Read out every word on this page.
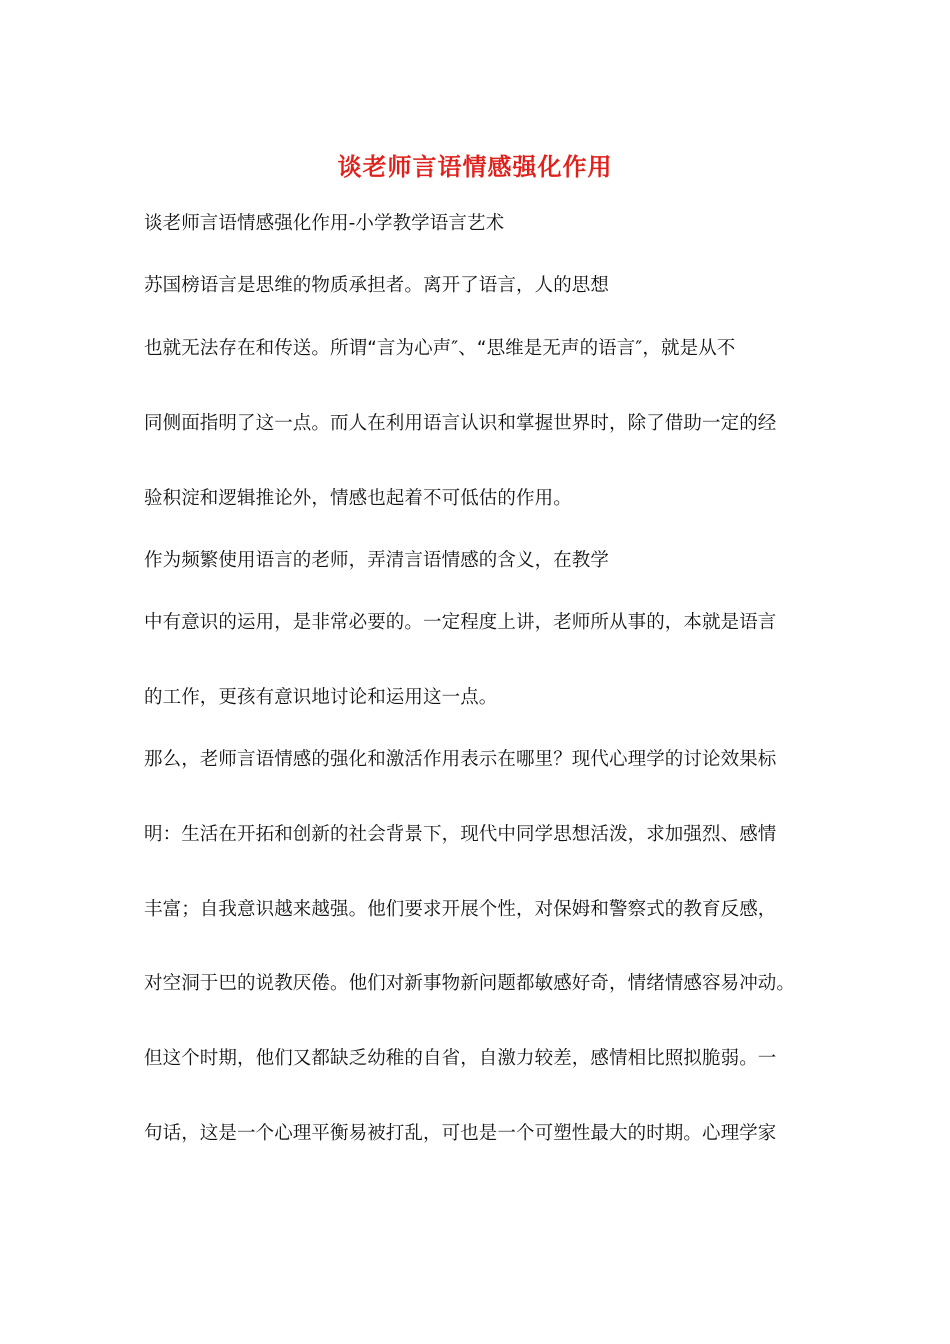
谈老师言语情感强化作用
谈老师言语情感强化作用-小学教学语言艺术
苏国榜语言是思维的物质承担者。离开了语言，人的思想
也就无法存在和传送。所谓“言为心声″、“思维是无声的语言″，就是从不
同侧面指明了这一点。而人在利用语言认识和掌握世界时，除了借助一定的经
验积淀和逻辑推论外，情感也起着不可低估的作用。
作为频繁使用语言的老师，弄清言语情感的含义，在教学
中有意识的运用，是非常必要的。一定程度上讲，老师所从事的，本就是语言
的工作，更孩有意识地讨论和运用这一点。
那么，老师言语情感的强化和激活作用表示在哪里？现代心理学的讨论效果标
明：生活在开拓和创新的社会背景下，现代中同学思想活泼，求加强烈、感情
丰富；自我意识越来越强。他们要求开展个性，对保姆和警察式的教育反感，
对空洞于巴的说教厌倦。他们对新事物新问题都敏感好奇，情绪情感容易冲动。
但这个时期，他们又都缺乏幼稚的自省，自激力较差，感情相比照拟脆弱。一
句话，这是一个心理平衡易被打乱，可也是一个可塑性最大的时期。心理学家
